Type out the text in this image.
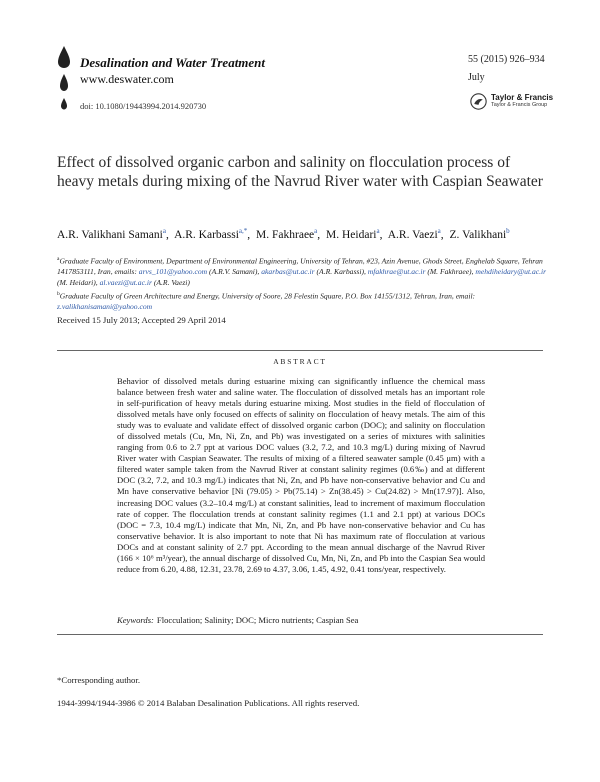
Desalination and Water Treatment
www.deswater.com
doi: 10.1080/19443994.2014.920730
55 (2015) 926–934
July
Taylor & Francis
Taylor & Francis Group
Effect of dissolved organic carbon and salinity on flocculation process of heavy metals during mixing of the Navrud River water with Caspian Seawater
A.R. Valikhani Samani$^a$, A.R. Karbassi$^{a,*}$, M. Fakhraee$^a$, M. Heidari$^a$, A.R. Vaezi$^a$, Z. Valikhani$^b$
$^a$Graduate Faculty of Environment, Department of Environmental Engineering, University of Tehran, #23, Azin Avenue, Ghods Street, Enghelab Square, Tehran 1417853111, Iran, emails: arvs_101@yahoo.com (A.R.V. Samani), akarbas@ut.ac.ir (A.R. Karbassi), mfakhrae@ut.ac.ir (M. Fakhraee), mehdiheidary@ut.ac.ir (M. Heidari), al.vaezi@ut.ac.ir (A.R. Vaezi)
$^b$Graduate Faculty of Green Architecture and Energy, University of Soore, 28 Felestin Square, P.O. Box 14155/1312, Tehran, Iran, email: z.valikhanisamani@yahoo.com
Received 15 July 2013; Accepted 29 April 2014
ABSTRACT
Behavior of dissolved metals during estuarine mixing can significantly influence the chemical mass balance between fresh water and saline water. The flocculation of dissolved metals has an important role in self-purification of heavy metals during estuarine mixing. Most studies in the field of flocculation of dissolved metals have only focused on effects of salinity on flocculation of heavy metals. The aim of this study was to evaluate and validate effect of dissolved organic carbon (DOC); and salinity on flocculation of dissolved metals (Cu, Mn, Ni, Zn, and Pb) was investigated on a series of mixtures with salinities ranging from 0.6 to 2.7 ppt at various DOC values (3.2, 7.2, and 10.3 mg/L) during mixing of Navrud River water with Caspian Seawater. The results of mixing of a filtered seawater sample (0.45 μm) with a filtered water sample taken from the Navrud River at constant salinity regimes (0.6‰) and at different DOC (3.2, 7.2, and 10.3 mg/L) indicates that Ni, Zn, and Pb have non-conservative behavior and Cu and Mn have conservative behavior [Ni (79.05) > Pb(75.14) > Zn(38.45) > Cu(24.82) > Mn(17.97)]. Also, increasing DOC values (3.2–10.4 mg/L) at constant salinities, lead to increment of maximum flocculation rate of copper. The flocculation trends at constant salinity regimes (1.1 and 2.1 ppt) at various DOCs (DOC = 7.3, 10.4 mg/L) indicate that Mn, Ni, Zn, and Pb have non-conservative behavior and Cu has conservative behavior. It is also important to note that Ni has maximum rate of flocculation at various DOCs and at constant salinity of 2.7 ppt. According to the mean annual discharge of the Navrud River (166 × 10⁶ m³/year), the annual discharge of dissolved Cu, Mn, Ni, Zn, and Pb into the Caspian Sea would reduce from 6.20, 4.88, 12.31, 23.78, 2.69 to 4.37, 3.06, 1.45, 4.92, 0.41 tons/year, respectively.
Keywords: Flocculation; Salinity; DOC; Micro nutrients; Caspian Sea
*Corresponding author.
1944-3994/1944-3986 © 2014 Balaban Desalination Publications. All rights reserved.
